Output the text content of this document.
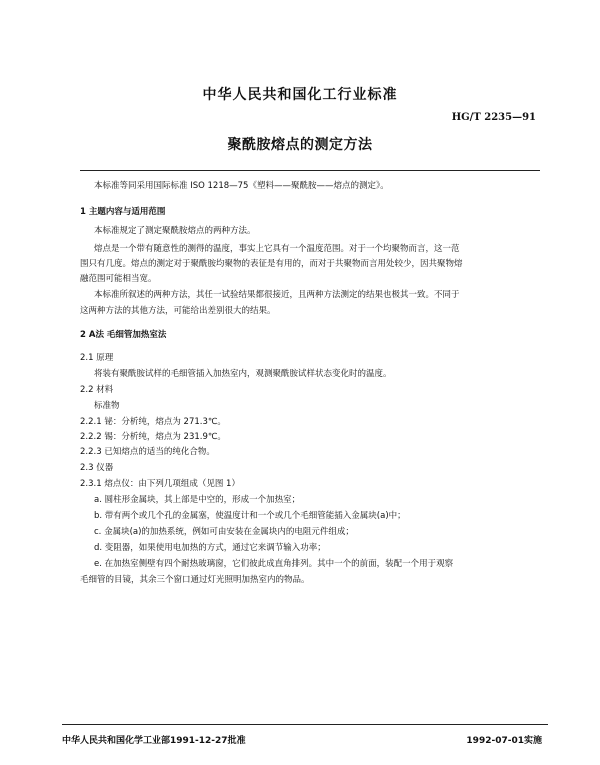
中华人民共和国化工行业标准
HG/T 2235—91
聚酰胺熔点的测定方法
本标准等同采用国际标准 ISO 1218—75《塑料——聚酰胺——熔点的测定》。
1 主题内容与适用范围
本标准规定了测定聚酰胺熔点的两种方法。
熔点是一个带有随意性的测得的温度，事实上它具有一个温度范围。对于一个均聚物而言，这一范
围只有几度。熔点的测定对于聚酰胺均聚物的表征是有用的，而对于共聚物而言用处较少，因共聚物熔
融范围可能相当宽。
本标准所叙述的两种方法，其任一试验结果都很接近，且两种方法测定的结果也极其一致。不同于
这两种方法的其他方法，可能给出差别很大的结果。
2 A法 毛细管加热室法
2.1 原理
将装有聚酰胺试样的毛细管插入加热室内，观测聚酰胺试样状态变化时的温度。
2.2 材料
标准物
2.2.1 铋：分析纯，熔点为 271.3℃。
2.2.2 锡：分析纯，熔点为 231.9℃。
2.2.3 已知熔点的适当的纯化合物。
2.3 仪器
2.3.1 熔点仪：由下列几项组成（见图 1）
a. 圆柱形金属块，其上部是中空的，形成一个加热室；
b. 带有两个或几个孔的金属塞，使温度计和一个或几个毛细管能插入金属块(a)中；
c. 金属块(a)的加热系统，例如可由安装在金属块内的电阻元件组成；
d. 变阻器，如果使用电加热的方式，通过它来调节输入功率；
e. 在加热室侧壁有四个耐热玻璃窗，它们彼此成直角排列。其中一个的前面，装配一个用于观察
毛细管的目镜，其余三个窗口通过灯光照明加热室内的物品。
中华人民共和国化学工业部1991-12-27批准	1992-07-01实施
